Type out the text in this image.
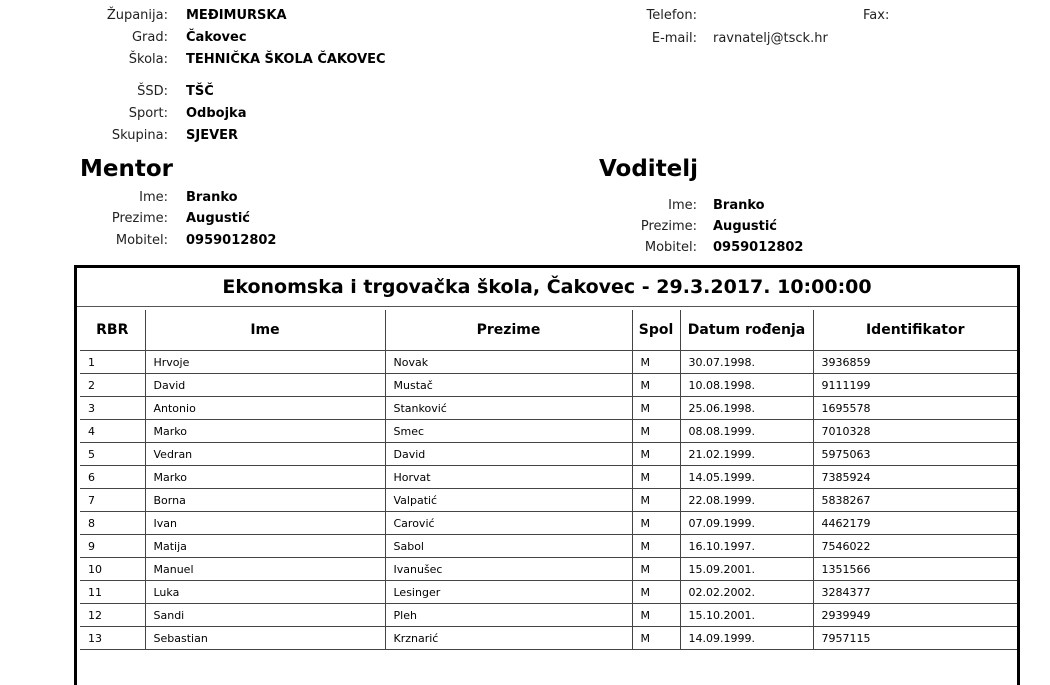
Županija: MEĐIMURSKA
Grad: Čakovec
Škola: TEHNIČKA ŠKOLA ČAKOVEC
ŠSD: TŠČ
Sport: Odbojka
Skupina: SJEVER
Telefon:	Fax:
E-mail: ravnatelj@tsck.hr
Mentor
Ime: Branko
Prezime: Augustić
Mobitel: 0959012802
Voditelj
Ime: Branko
Prezime: Augustić
Mobitel: 0959012802
Ekonomska i trgovačka škola, Čakovec - 29.3.2017. 10:00:00
RBR	Ime	Prezime	Spol	Datum rođenja	Identifikator
1	Hrvoje	Novak	M	30.07.1998.	3936859
2	David	Mustač	M	10.08.1998.	9111199
3	Antonio	Stanković	M	25.06.1998.	1695578
4	Marko	Smec	M	08.08.1999.	7010328
5	Vedran	David	M	21.02.1999.	5975063
6	Marko	Horvat	M	14.05.1999.	7385924
7	Borna	Valpatić	M	22.08.1999.	5838267
8	Ivan	Carović	M	07.09.1999.	4462179
9	Matija	Sabol	M	16.10.1997.	7546022
10	Manuel	Ivanušec	M	15.09.2001.	1351566
11	Luka	Lesinger	M	02.02.2002.	3284377
12	Sandi	Pleh	M	15.10.2001.	2939949
13	Sebastian	Krznarić	M	14.09.1999.	7957115
